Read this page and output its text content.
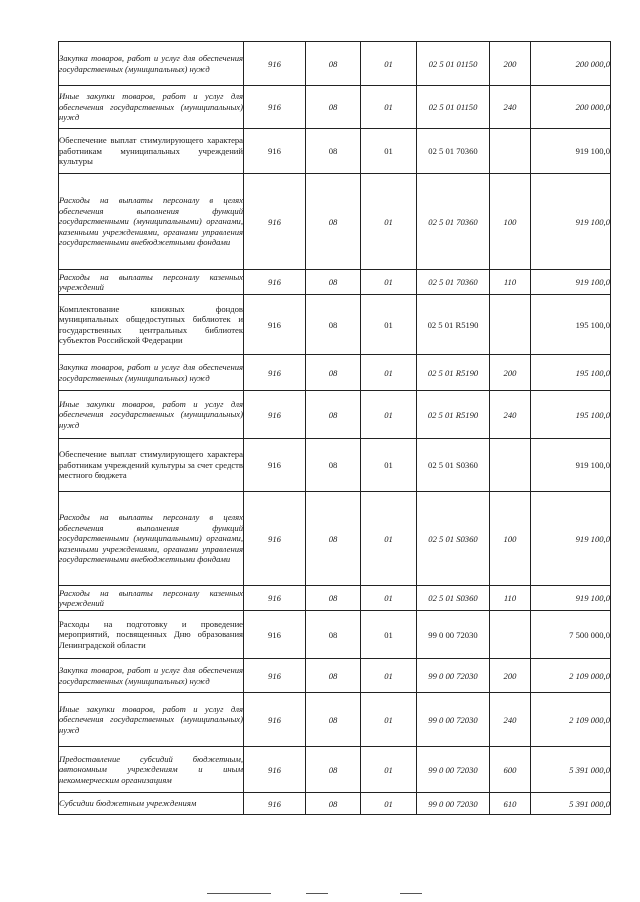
Закупка товаров, работ и услуг для обеспечения государственных (муниципальных) нужд	916	08	01	02 5 01 01150	200	200 000,0
Иные закупки товаров, работ и услуг для обеспечения государственных (муниципальных) нужд	916	08	01	02 5 01 01150	240	200 000,0
Обеспечение выплат стимулирующего характера работникам муниципальных учреждений культуры	916	08	01	02 5 01 70360		919 100,0
Расходы на выплаты персоналу в целях обеспечения выполнения функций государственными (муниципальными) органами, казенными учреждениями, органами управления государственными внебюджетными фондами	916	08	01	02 5 01 70360	100	919 100,0
Расходы на выплаты персоналу казенных учреждений	916	08	01	02 5 01 70360	110	919 100,0
Комплектование книжных фондов муниципальных общедоступных библиотек и государственных центральных библиотек субъектов Российской Федерации	916	08	01	02 5 01 R5190		195 100,0
Закупка товаров, работ и услуг для обеспечения государственных (муниципальных) нужд	916	08	01	02 5 01 R5190	200	195 100,0
Иные закупки товаров, работ и услуг для обеспечения государственных (муниципальных) нужд	916	08	01	02 5 01 R5190	240	195 100,0
Обеспечение выплат стимулирующего характера работникам учреждений культуры за счет средств местного бюджета	916	08	01	02 5 01 S0360		919 100,0
Расходы на выплаты персоналу в целях обеспечения выполнения функций государственными (муниципальными) органами, казенными учреждениями, органами управления государственными внебюджетными фондами	916	08	01	02 5 01 S0360	100	919 100,0
Расходы на выплаты персоналу казенных учреждений	916	08	01	02 5 01 S0360	110	919 100,0
Расходы на подготовку и проведение мероприятий, посвященных Дню образования Ленинградской области	916	08	01	99 0 00 72030		7 500 000,0
Закупка товаров, работ и услуг для обеспечения государственных (муниципальных) нужд	916	08	01	99 0 00 72030	200	2 109 000,0
Иные закупки товаров, работ и услуг для обеспечения государственных (муниципальных) нужд	916	08	01	99 0 00 72030	240	2 109 000,0
Предоставление субсидий бюджетным, автономным учреждениям и иным некоммерческим организациям	916	08	01	99 0 00 72030	600	5 391 000,0
Субсидии бюджетным учреждениям	916	08	01	99 0 00 72030	610	5 391 000,0
